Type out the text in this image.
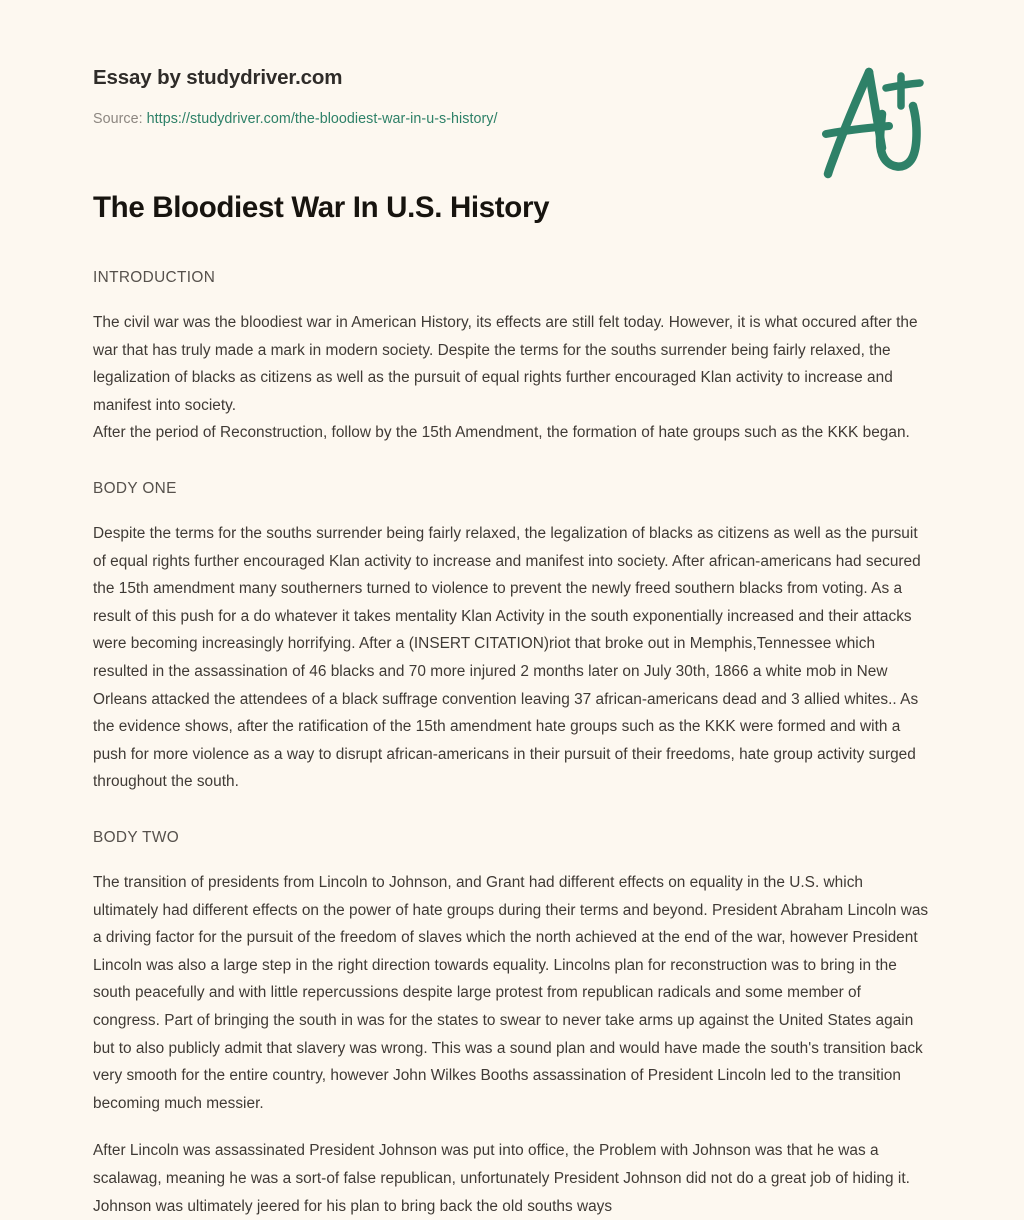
Essay by studydriver.com
Source: https://studydriver.com/the-bloodiest-war-in-u-s-history/
The Bloodiest War In U.S. History
INTRODUCTION

The civil war was the bloodiest war in American History, its effects are still felt today. However, it is what occured after the war that has truly made a mark in modern society. Despite the terms for the souths surrender being fairly relaxed, the legalization of blacks as citizens as well as the pursuit of equal rights further encouraged Klan activity to increase and manifest into society.

After the period of Reconstruction, follow by the 15th Amendment, the formation of hate groups such as the KKK began.

BODY ONE

Despite the terms for the souths surrender being fairly relaxed, the legalization of blacks as citizens as well as the pursuit of equal rights further encouraged Klan activity to increase and manifest into society. After african-americans had secured the 15th amendment many southerners turned to violence to prevent the newly freed southern blacks from voting. As a result of this push for a do whatever it takes mentality Klan Activity in the south exponentially increased and their attacks were becoming increasingly horrifying. After a (INSERT CITATION)riot that broke out in Memphis,Tennessee which resulted in the assassination of 46 blacks and 70 more injured 2 months later on July 30th, 1866 a white mob in New Orleans attacked the attendees of a black suffrage convention leaving 37 african-americans dead and 3 allied whites.. As the evidence shows, after the ratification of the 15th amendment hate groups such as the KKK were formed and with a push for more violence as a way to disrupt african-americans in their pursuit of their freedoms, hate group activity surged throughout the south.

BODY TWO

The transition of presidents from Lincoln to Johnson, and Grant had different effects on equality in the U.S. which ultimately had different effects on the power of hate groups during their terms and beyond. President Abraham Lincoln was a driving factor for the pursuit of the freedom of slaves which the north achieved at the end of the war, however President Lincoln was also a large step in the right direction towards equality. Lincolns plan for reconstruction was to bring in the south peacefully and with little repercussions despite large protest from republican radicals and some member of congress. Part of bringing the south in was for the states to swear to never take arms up against the United States again but to also publicly admit that slavery was wrong. This was a sound plan and would have made the south's transition back very smooth for the entire country, however John Wilkes Booths assassination of President Lincoln led to the transition becoming much messier.

After Lincoln was assassinated President Johnson was put into office, the Problem with Johnson was that he was a scalawag, meaning he was a sort-of false republican, unfortunately President Johnson did not do a great job of hiding it. Johnson was ultimately jeered for his plan to bring back the old souths ways
